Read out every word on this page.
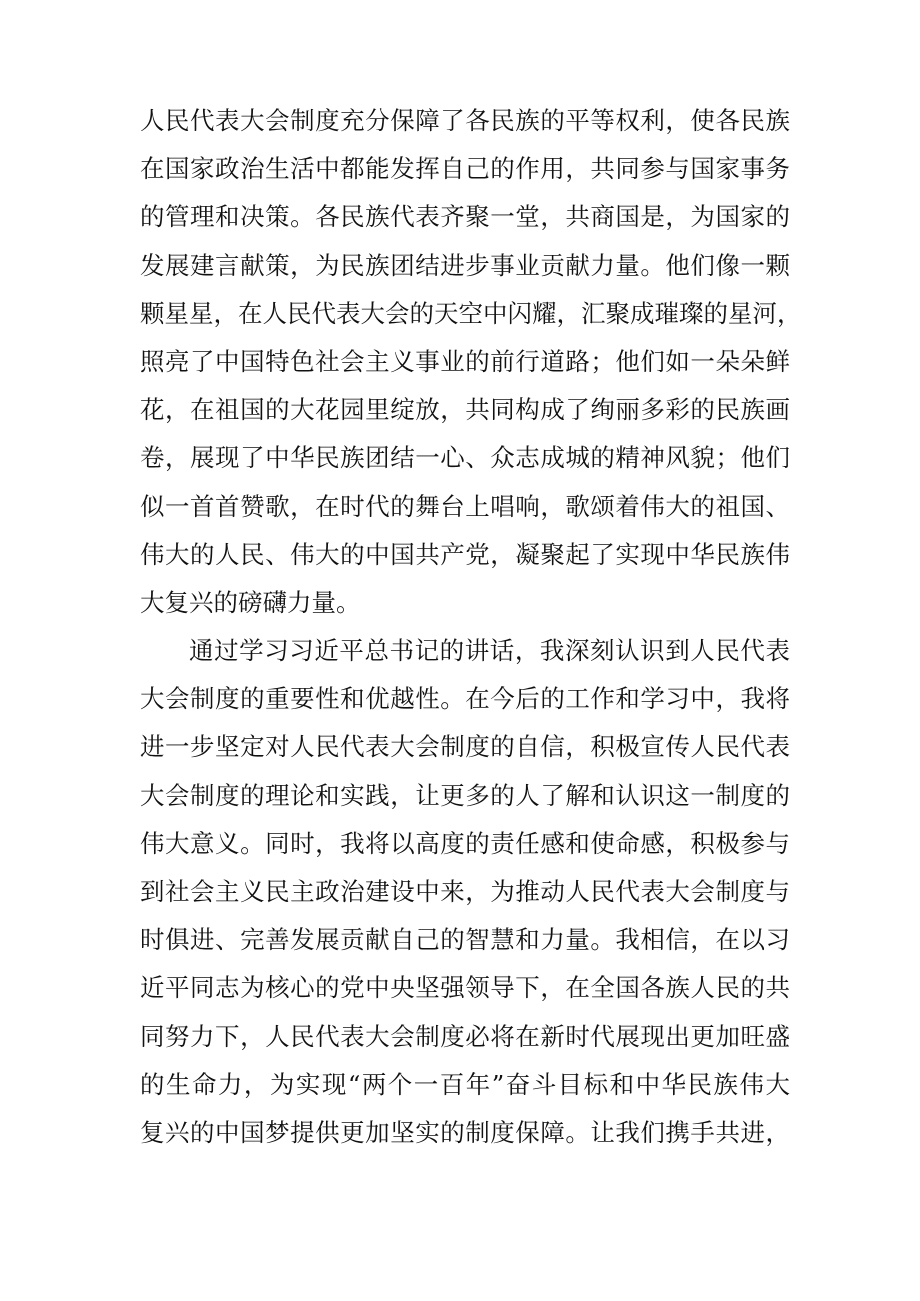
人民代表大会制度充分保障了各民族的平等权利，使各民族
在国家政治生活中都能发挥自己的作用，共同参与国家事务
的管理和决策。各民族代表齐聚一堂，共商国是，为国家的
发展建言献策，为民族团结进步事业贡献力量。他们像一颗
颗星星，在人民代表大会的天空中闪耀，汇聚成璀璨的星河，
照亮了中国特色社会主义事业的前行道路；他们如一朵朵鲜
花，在祖国的大花园里绽放，共同构成了绚丽多彩的民族画
卷，展现了中华民族团结一心、众志成城的精神风貌；他们
似一首首赞歌，在时代的舞台上唱响，歌颂着伟大的祖国、
伟大的人民、伟大的中国共产党，凝聚起了实现中华民族伟
大复兴的磅礴力量。

通过学习习近平总书记的讲话，我深刻认识到人民代表
大会制度的重要性和优越性。在今后的工作和学习中，我将
进一步坚定对人民代表大会制度的自信，积极宣传人民代表
大会制度的理论和实践，让更多的人了解和认识这一制度的
伟大意义。同时，我将以高度的责任感和使命感，积极参与
到社会主义民主政治建设中来，为推动人民代表大会制度与
时俱进、完善发展贡献自己的智慧和力量。我相信，在以习
近平同志为核心的党中央坚强领导下，在全国各族人民的共
同努力下，人民代表大会制度必将在新时代展现出更加旺盛
的生命力，为实现“两个一百年”奋斗目标和中华民族伟大
复兴的中国梦提供更加坚实的制度保障。让我们携手共进，
